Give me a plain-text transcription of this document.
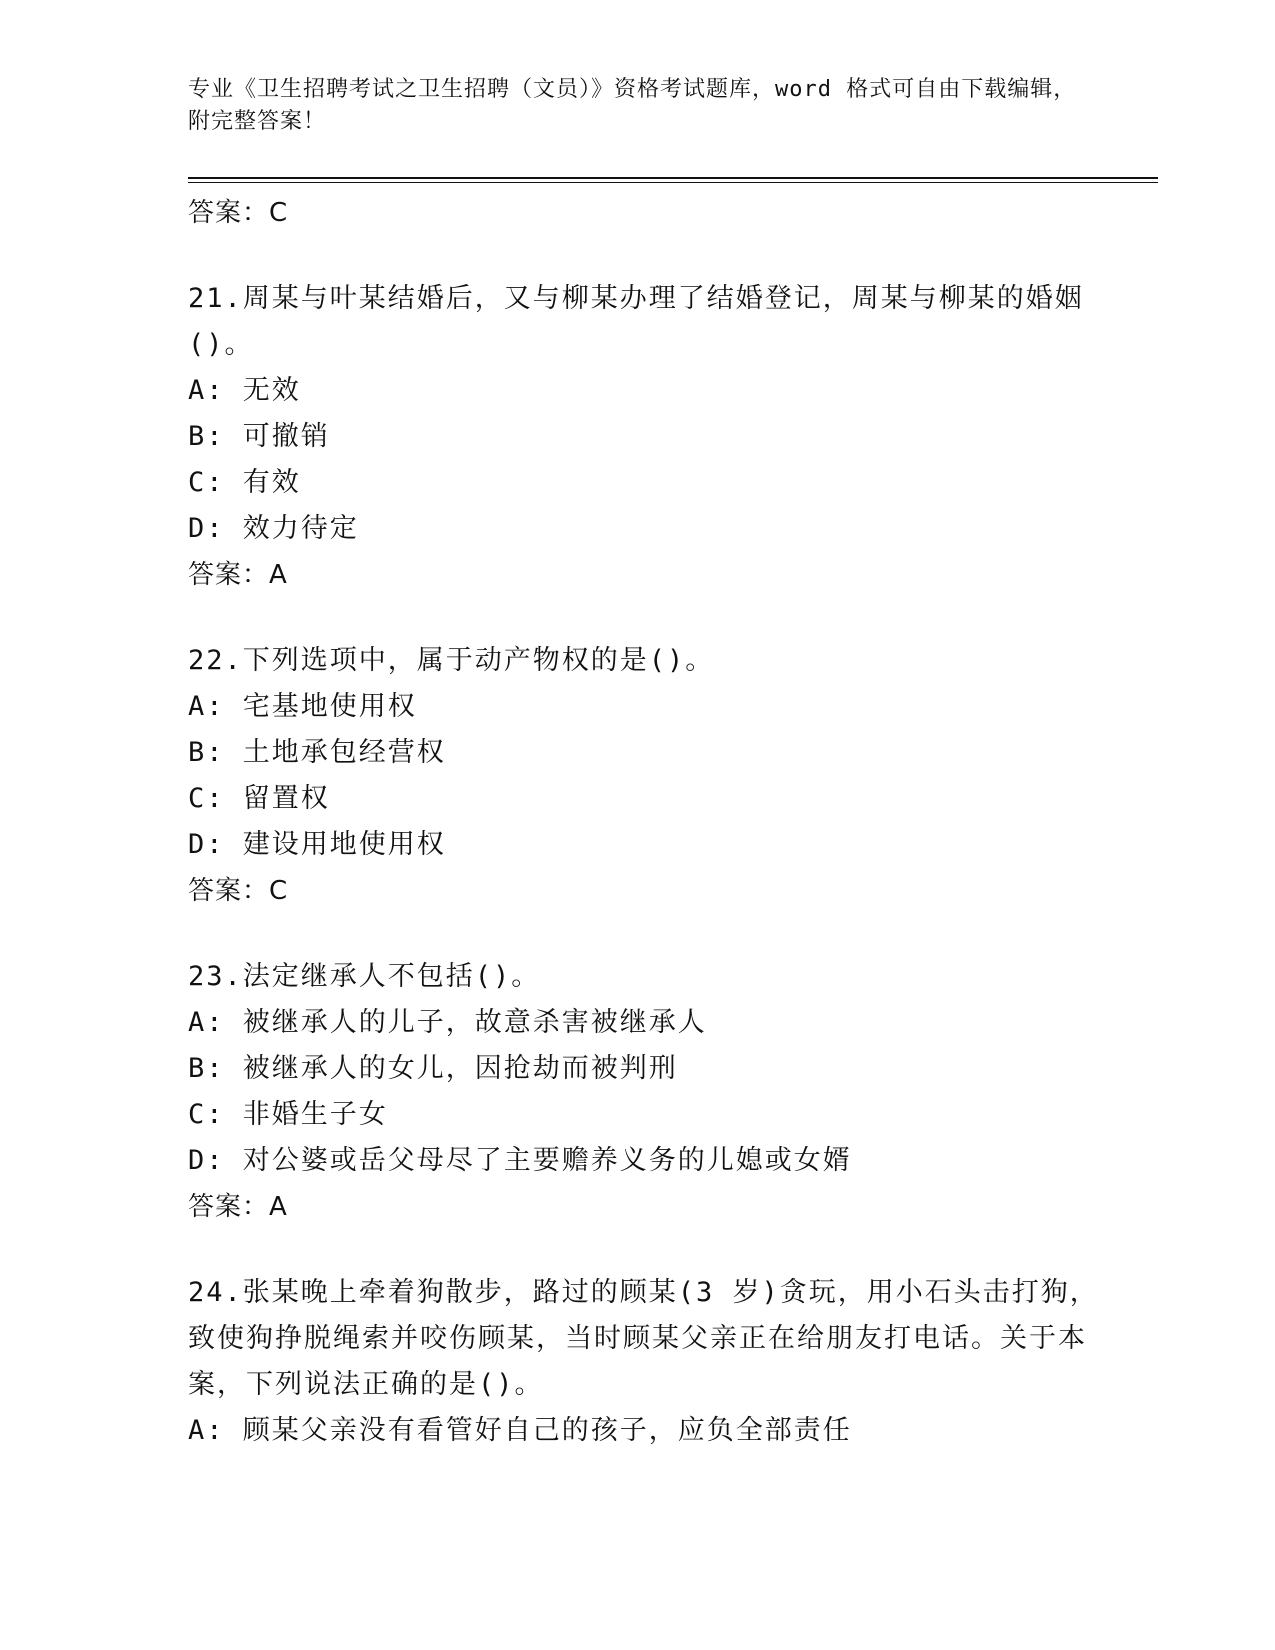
专业《卫生招聘考试之卫生招聘（文员）》资格考试题库，word 格式可自由下载编辑，附完整答案！

答案：C

21.周某与叶某结婚后，又与柳某办理了结婚登记，周某与柳某的婚姻()。

A: 无效

B: 可撤销

C: 有效

D: 效力待定

答案：A

22.下列选项中，属于动产物权的是()。

A: 宅基地使用权

B: 土地承包经营权

C: 留置权

D: 建设用地使用权

答案：C

23.法定继承人不包括()。

A: 被继承人的儿子，故意杀害被继承人

B: 被继承人的女儿，因抢劫而被判刑

C: 非婚生子女

D: 对公婆或岳父母尽了主要赡养义务的儿媳或女婿

答案：A

24.张某晚上牵着狗散步，路过的顾某(3 岁)贪玩，用小石头击打狗，致使狗挣脱绳索并咬伤顾某，当时顾某父亲正在给朋友打电话。关于本案，下列说法正确的是()。

A: 顾某父亲没有看管好自己的孩子，应负全部责任
